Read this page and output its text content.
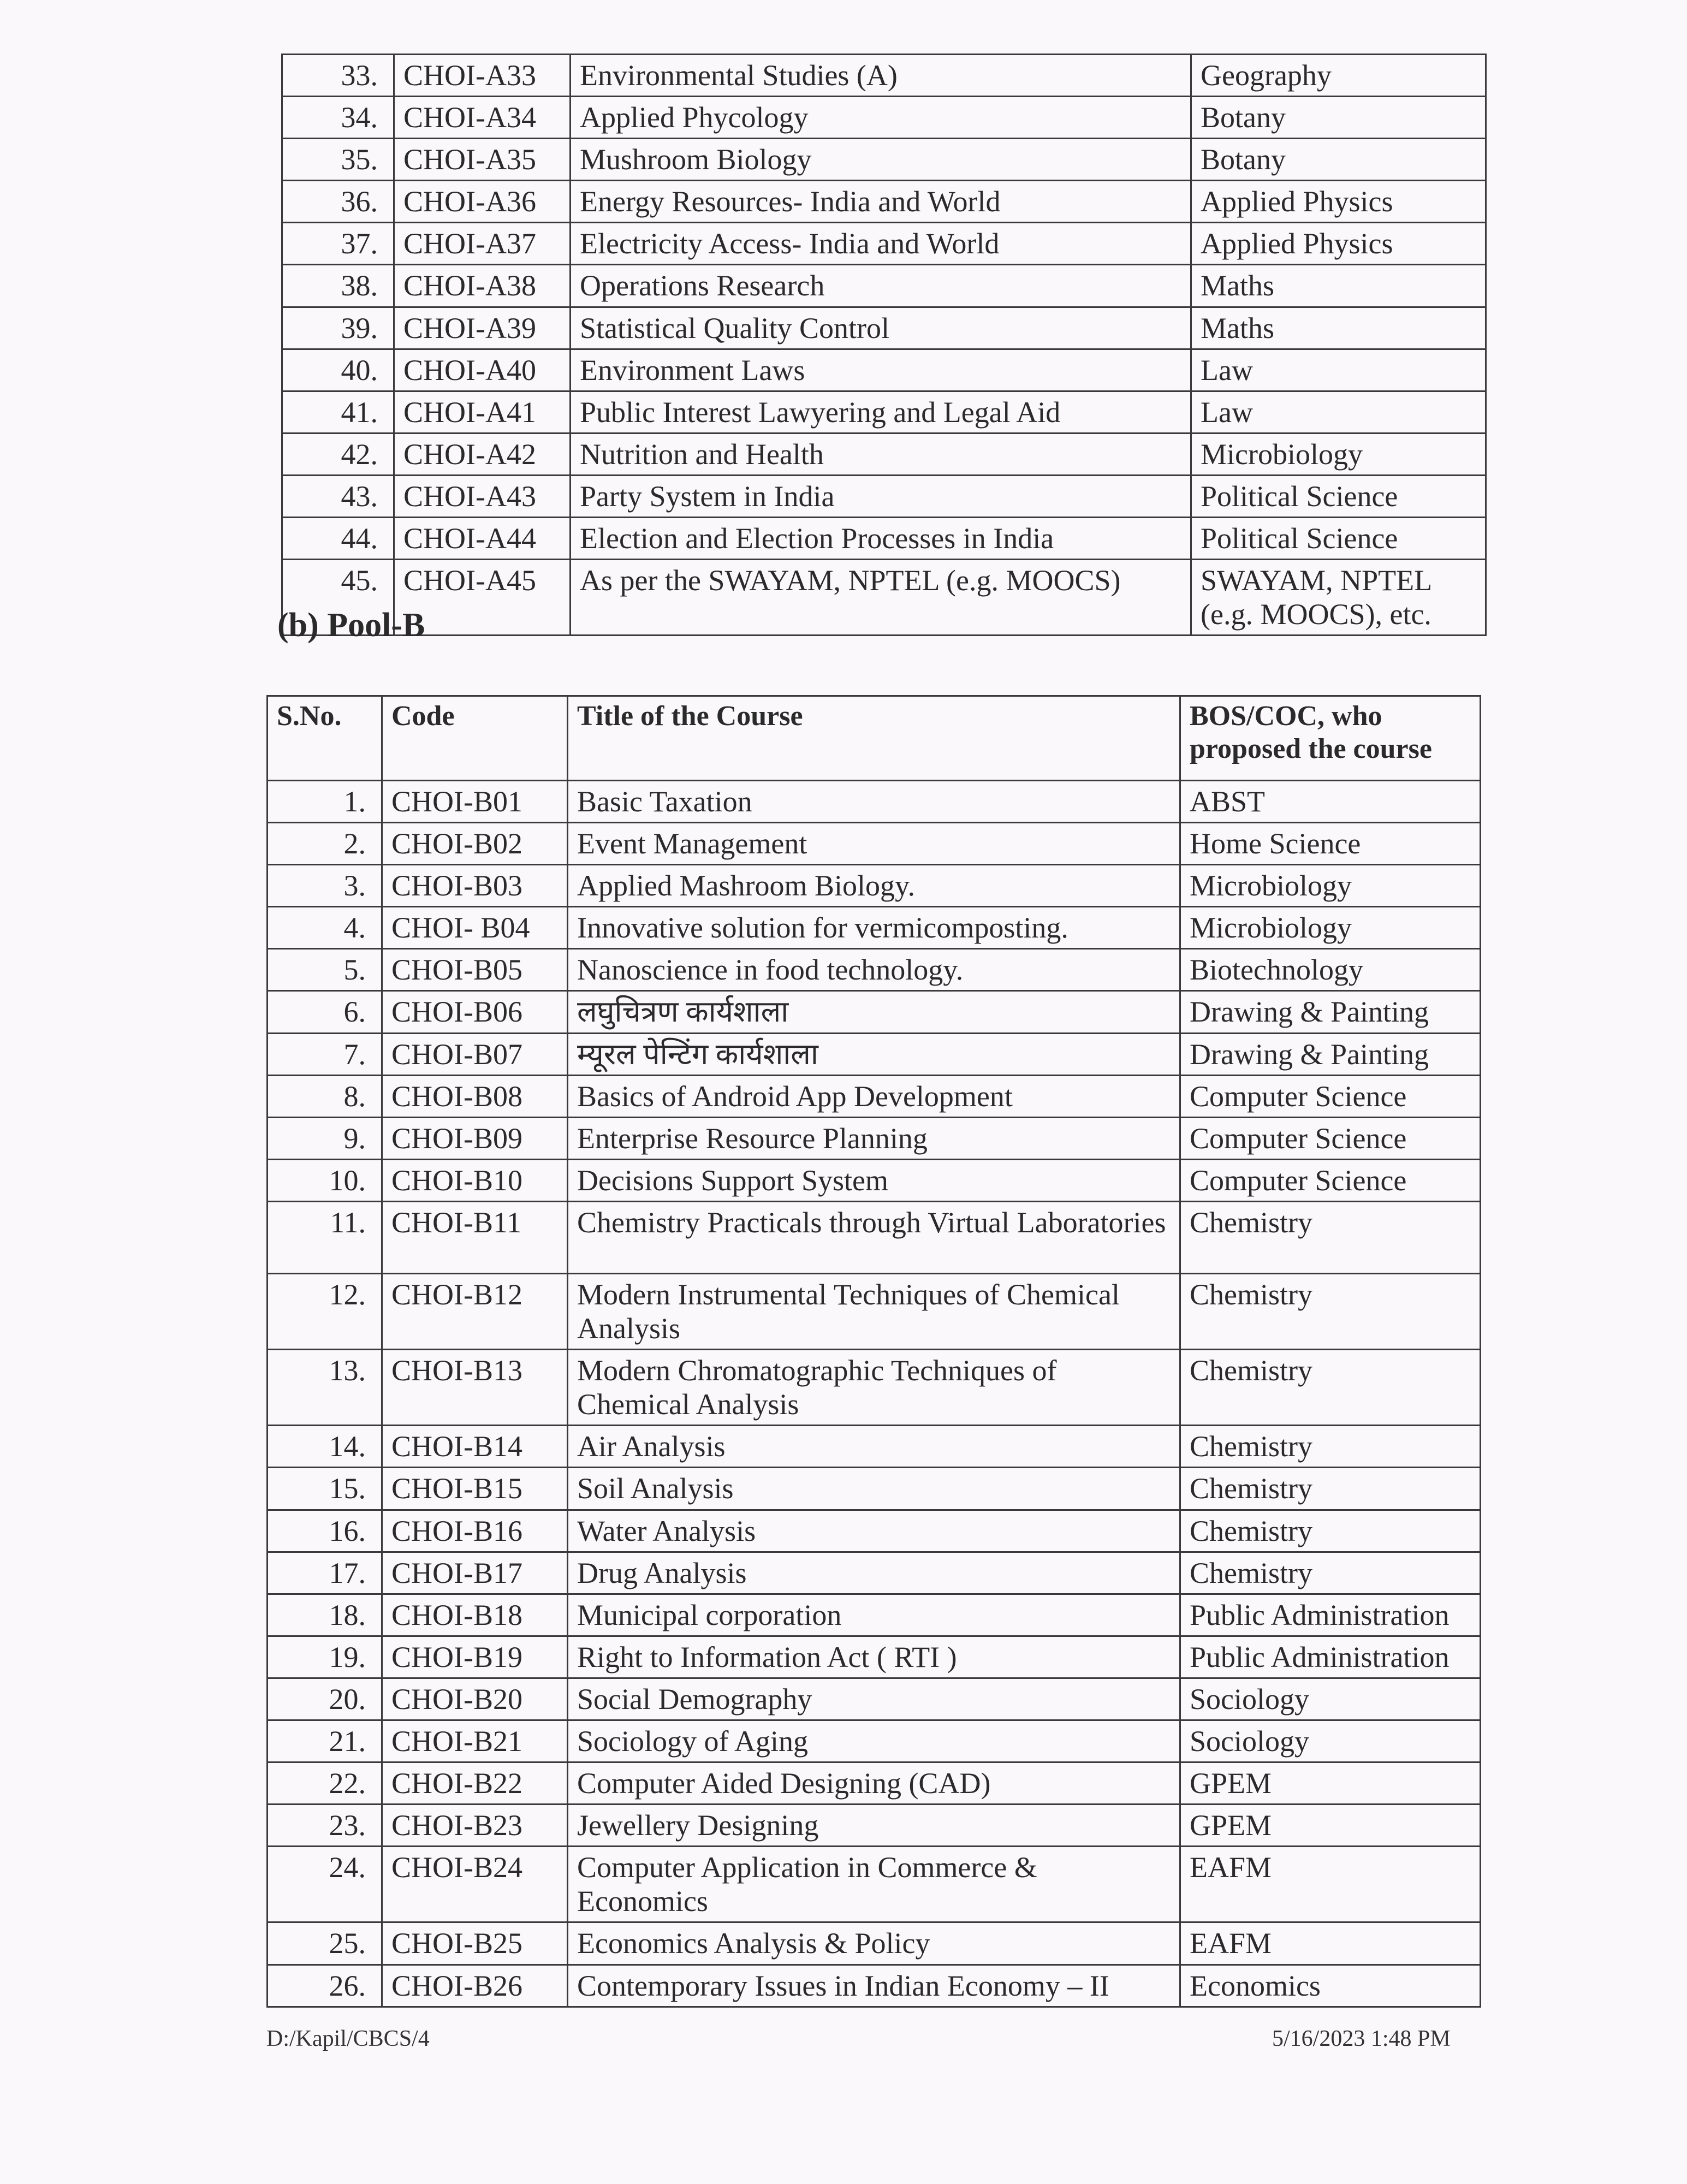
33.	CHOI-A33	Environmental Studies (A)	Geography
34.	CHOI-A34	Applied Phycology	Botany
35.	CHOI-A35	Mushroom Biology	Botany
36.	CHOI-A36	Energy Resources- India and World	Applied Physics
37.	CHOI-A37	Electricity Access- India and World	Applied Physics
38.	CHOI-A38	Operations Research	Maths
39.	CHOI-A39	Statistical Quality Control	Maths
40.	CHOI-A40	Environment Laws	Law
41.	CHOI-A41	Public Interest Lawyering and Legal Aid	Law
42.	CHOI-A42	Nutrition and Health	Microbiology
43.	CHOI-A43	Party System in India	Political Science
44.	CHOI-A44	Election and Election Processes in India	Political Science
45.	CHOI-A45	As per the SWAYAM, NPTEL (e.g. MOOCS)	SWAYAM, NPTEL (e.g. MOOCS), etc.
(b) Pool-B
S.No.	Code	Title of the Course	BOS/COC, who proposed the course
1.	CHOI-B01	Basic Taxation	ABST
2.	CHOI-B02	Event Management	Home Science
3.	CHOI-B03	Applied Mashroom Biology.	Microbiology
4.	CHOI- B04	Innovative solution for vermicomposting.	Microbiology
5.	CHOI-B05	Nanoscience in food technology.	Biotechnology
6.	CHOI-B06	लघुचित्रण कार्यशाला	Drawing & Painting
7.	CHOI-B07	म्यूरल पेन्टिंग कार्यशाला	Drawing & Painting
8.	CHOI-B08	Basics of Android App Development	Computer Science
9.	CHOI-B09	Enterprise Resource Planning	Computer Science
10.	CHOI-B10	Decisions Support System	Computer Science
11.	CHOI-B11	Chemistry Practicals through Virtual Laboratories	Chemistry
12.	CHOI-B12	Modern Instrumental Techniques of Chemical Analysis	Chemistry
13.	CHOI-B13	Modern Chromatographic Techniques of Chemical Analysis	Chemistry
14.	CHOI-B14	Air Analysis	Chemistry
15.	CHOI-B15	Soil Analysis	Chemistry
16.	CHOI-B16	Water Analysis	Chemistry
17.	CHOI-B17	Drug Analysis	Chemistry
18.	CHOI-B18	Municipal corporation	Public Administration
19.	CHOI-B19	Right to Information Act ( RTI )	Public Administration
20.	CHOI-B20	Social Demography	Sociology
21.	CHOI-B21	Sociology of Aging	Sociology
22.	CHOI-B22	Computer Aided Designing (CAD)	GPEM
23.	CHOI-B23	Jewellery Designing	GPEM
24.	CHOI-B24	Computer Application in Commerce & Economics	EAFM
25.	CHOI-B25	Economics Analysis & Policy	EAFM
26.	CHOI-B26	Contemporary Issues in Indian Economy – II	Economics
D:/Kapil/CBCS/4	5/16/2023 1:48 PM
